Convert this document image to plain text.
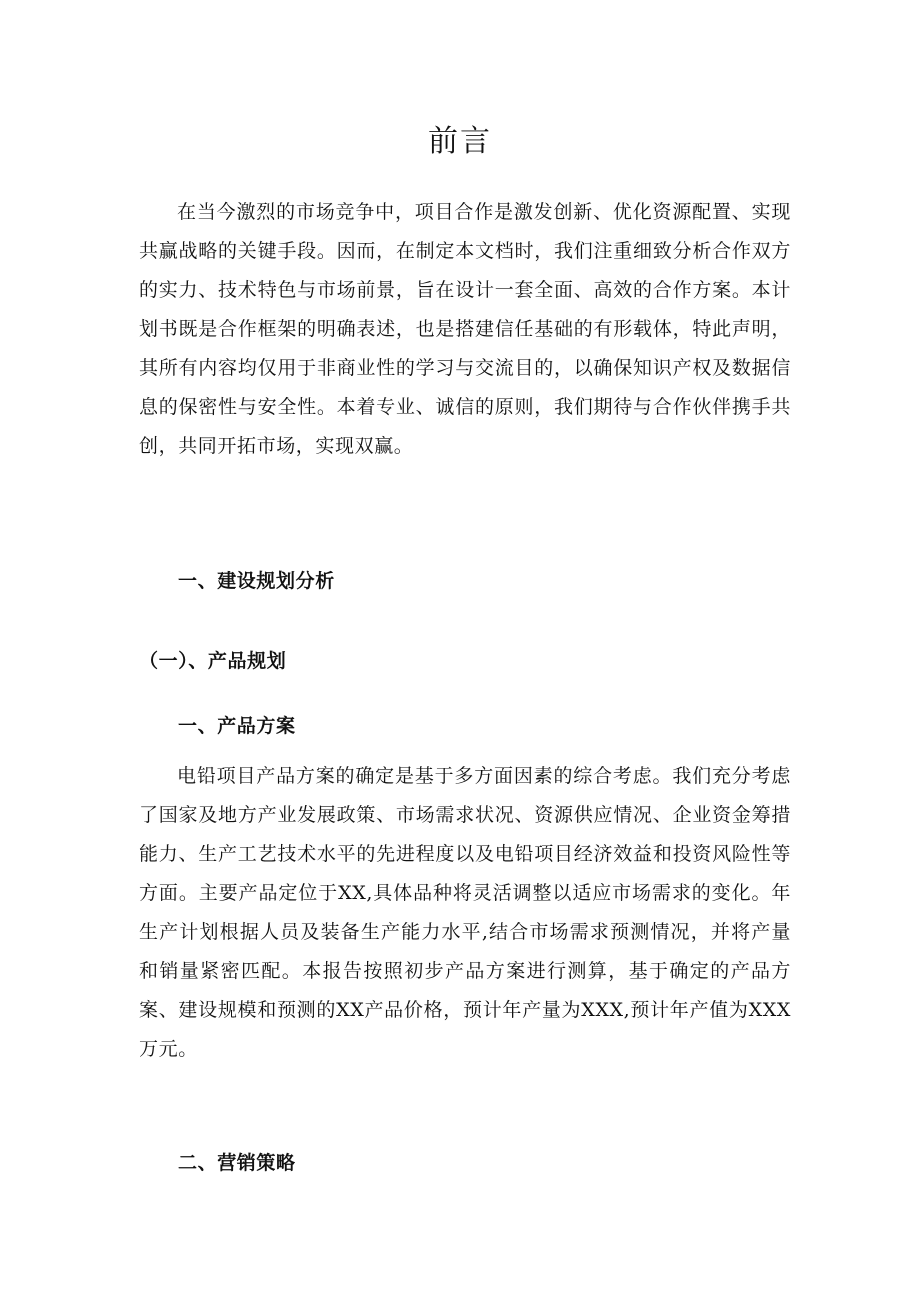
前言

在当今激烈的市场竞争中，项目合作是激发创新、优化资源配置、实现共赢战略的关键手段。因而，在制定本文档时，我们注重细致分析合作双方的实力、技术特色与市场前景，旨在设计一套全面、高效的合作方案。本计划书既是合作框架的明确表述，也是搭建信任基础的有形载体，特此声明，其所有内容均仅用于非商业性的学习与交流目的，以确保知识产权及数据信息的保密性与安全性。本着专业、诚信的原则，我们期待与合作伙伴携手共创，共同开拓市场，实现双赢。

一、建设规划分析
（一）、产品规划
一、产品方案

电铅项目产品方案的确定是基于多方面因素的综合考虑。我们充分考虑了国家及地方产业发展政策、市场需求状况、资源供应情况、企业资金筹措能力、生产工艺技术水平的先进程度以及电铅项目经济效益和投资风险性等方面。主要产品定位于XX,具体品种将灵活调整以适应市场需求的变化。年生产计划根据人员及装备生产能力水平,结合市场需求预测情况，并将产量和销量紧密匹配。本报告按照初步产品方案进行测算，基于确定的产品方案、建设规模和预测的XX产品价格，预计年产量为XXX,预计年产值为XXX万元。

二、营销策略
